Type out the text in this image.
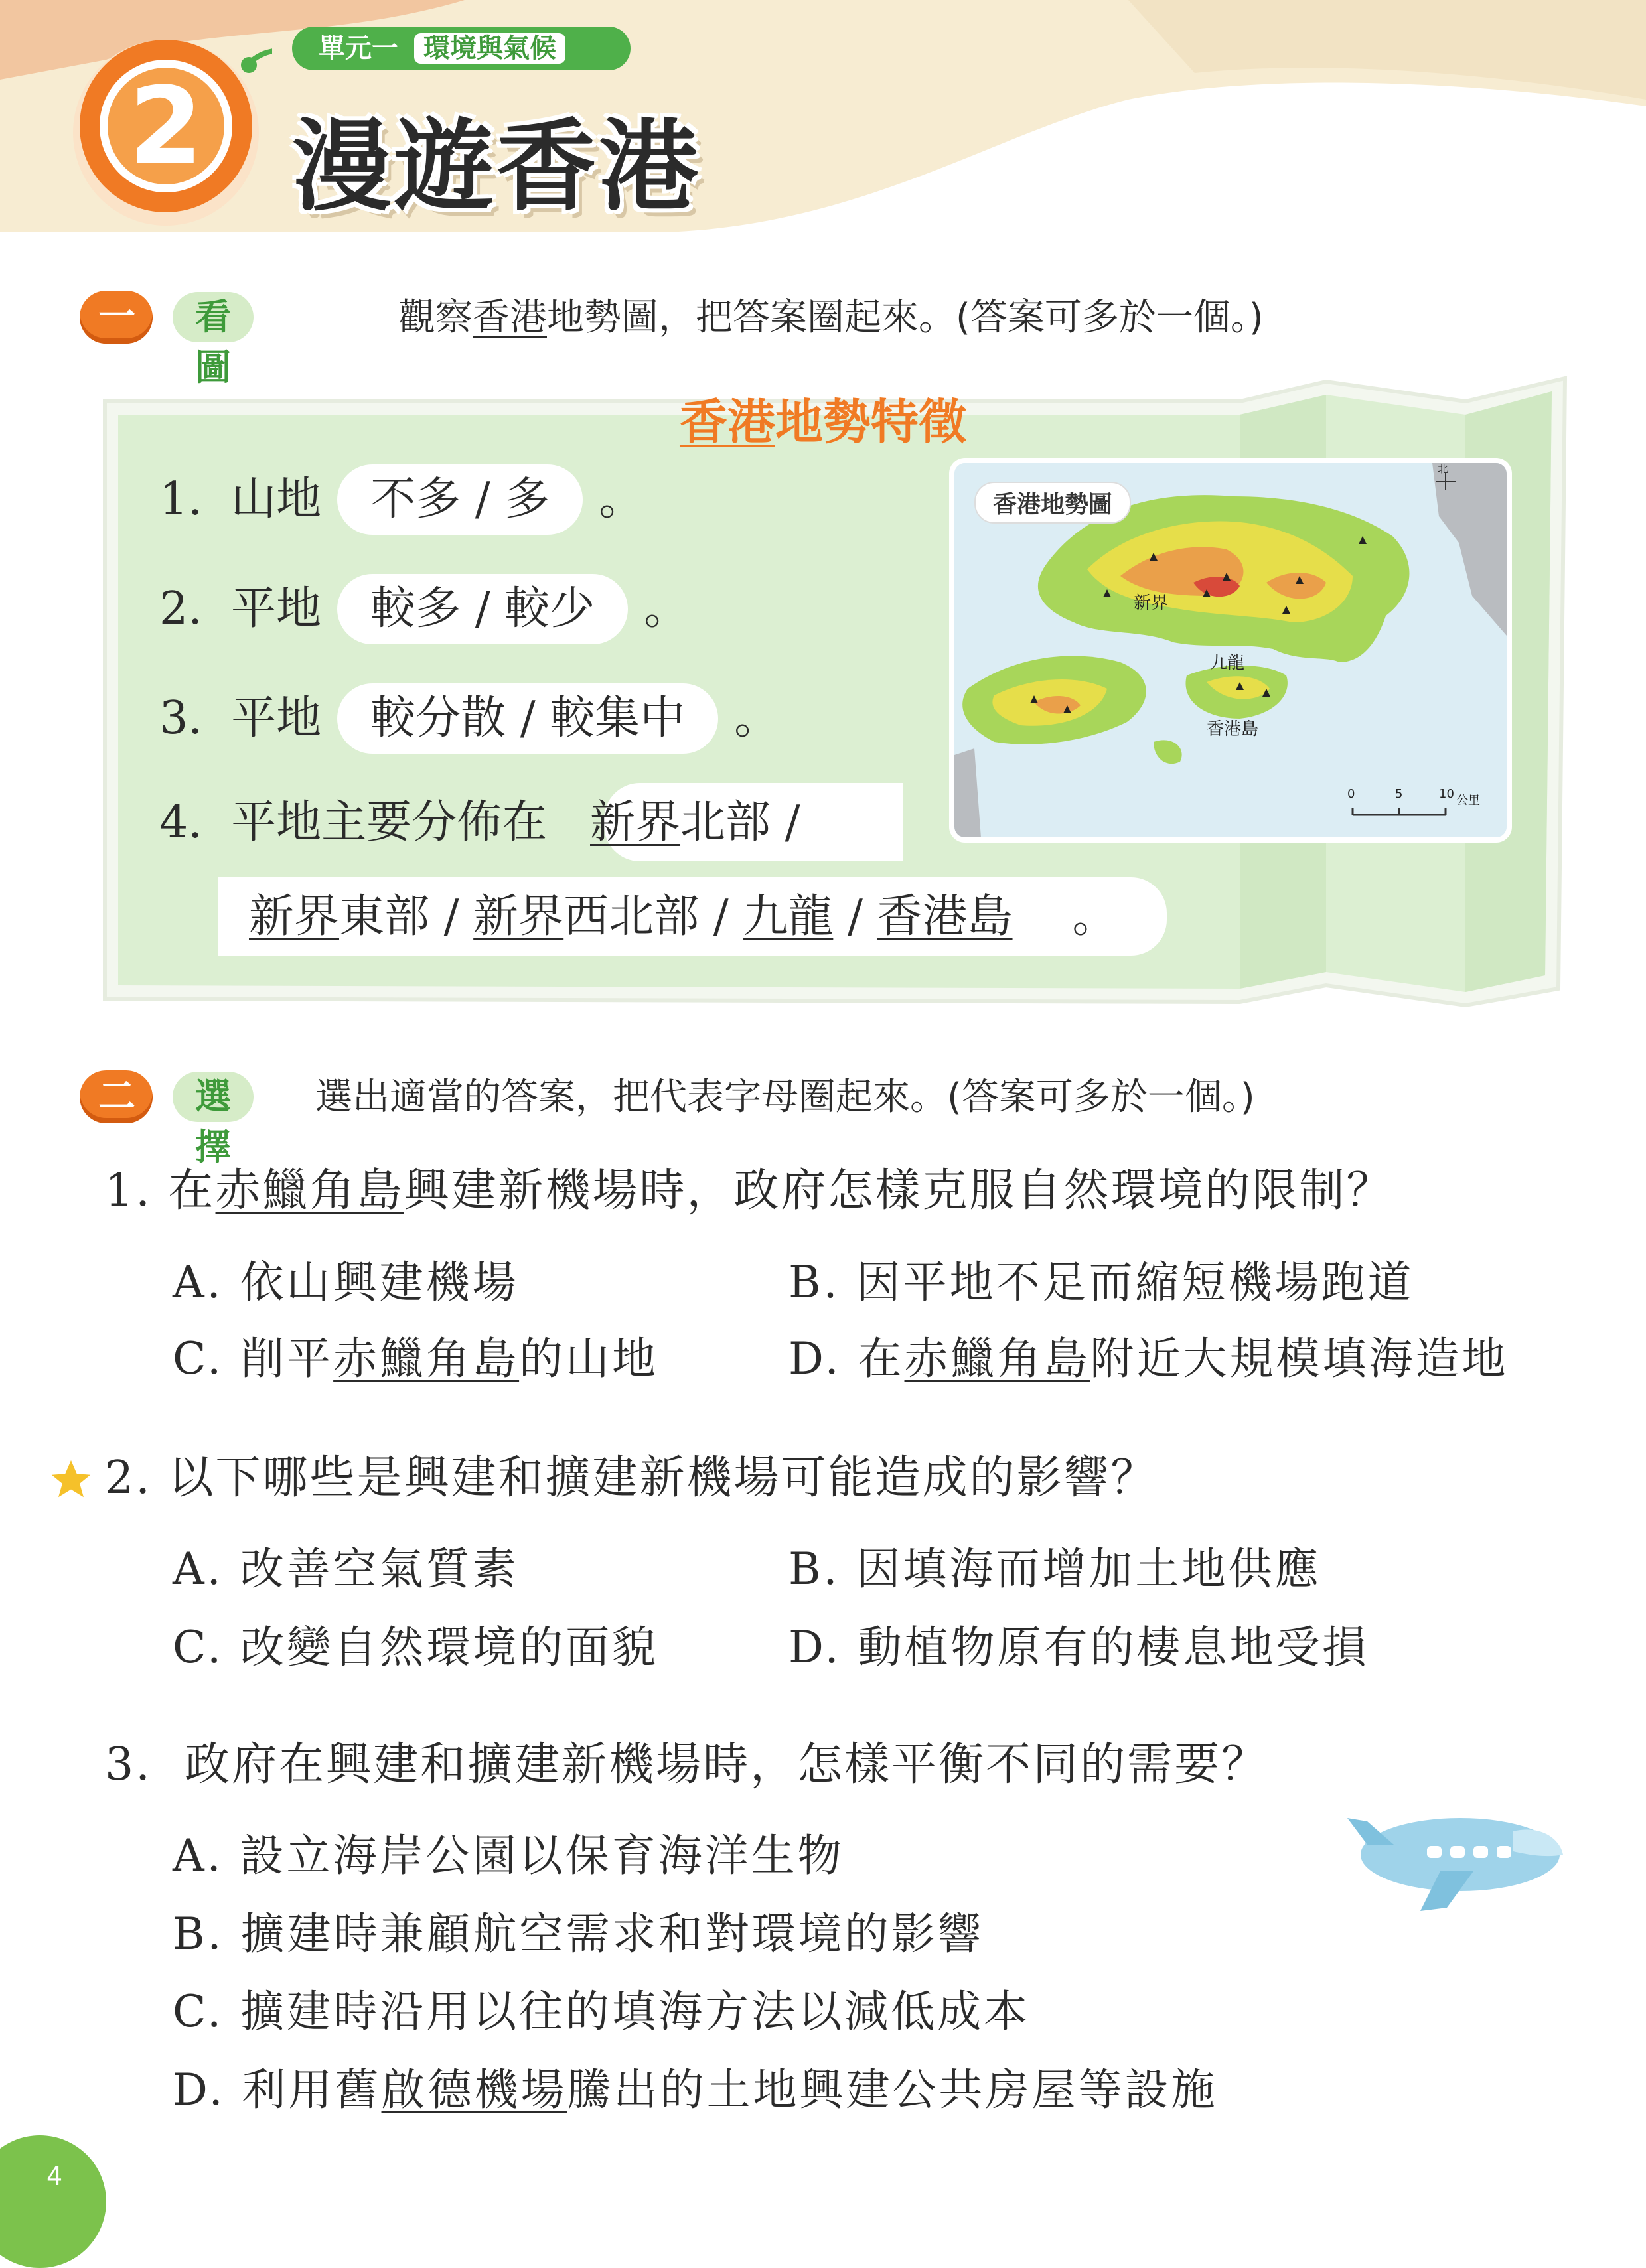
2
單元一 環境與氣候
漫遊香港
一	看圖
觀察香港地勢圖，把答案圈起來。(答案可多於一個。)
香港地勢特徵
1. 山地 不多 / 多 。
2. 平地 較多 / 較少 。
3. 平地 較分散 / 較集中 。
4. 平地主要分佈在 新界北部 /
新界東部 / 新界西北部 / 九龍 / 香港島 。
香港地勢圖
新界
九龍
香港島
北
0	5	10 公里
二	選擇
選出適當的答案，把代表字母圈起來。(答案可多於一個。)
1. 在赤鱲角島興建新機場時，政府怎樣克服自然環境的限制？
A. 依山興建機場	B. 因平地不足而縮短機場跑道
C. 削平赤鱲角島的山地	D. 在赤鱲角島附近大規模填海造地
2. 以下哪些是興建和擴建新機場可能造成的影響？
A. 改善空氣質素	B. 因填海而增加土地供應
C. 改變自然環境的面貌	D. 動植物原有的棲息地受損
3. 政府在興建和擴建新機場時，怎樣平衡不同的需要？
A. 設立海岸公園以保育海洋生物
B. 擴建時兼顧航空需求和對環境的影響
C. 擴建時沿用以往的填海方法以減低成本
D. 利用舊啟德機場騰出的土地興建公共房屋等設施
4
